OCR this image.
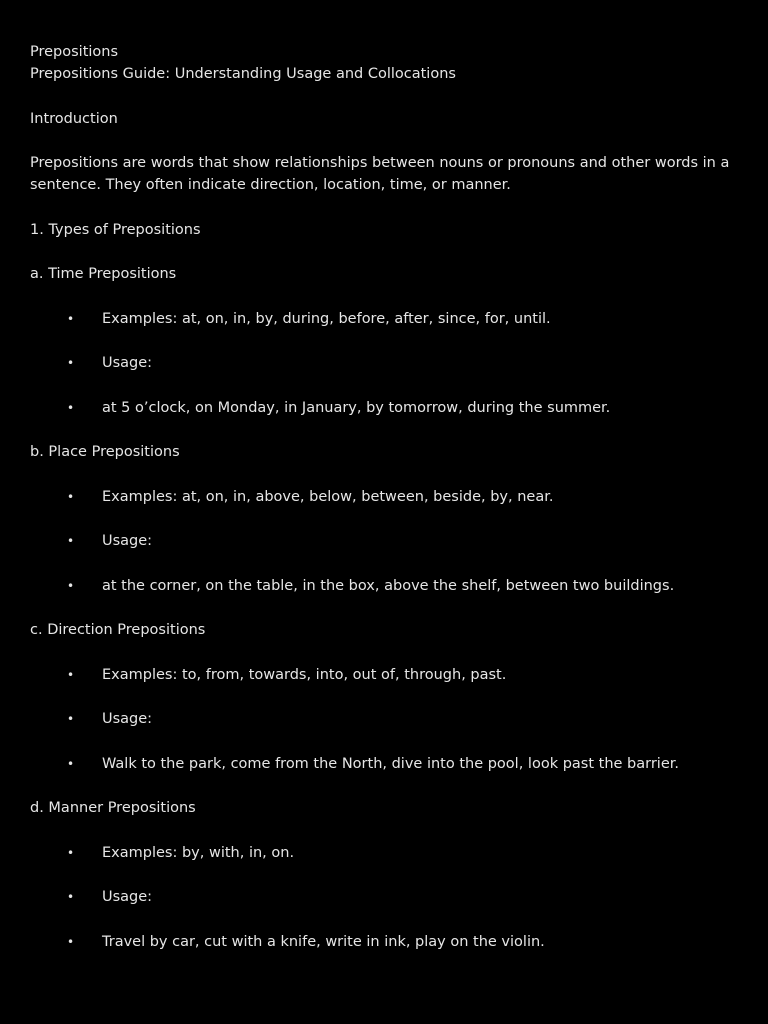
Prepositions

Prepositions Guide: Understanding Usage and Collocations

Introduction

Prepositions are words that show relationships between nouns or pronouns and other words in a sentence. They often indicate direction, location, time, or manner.

1. Types of Prepositions

a. Time Prepositions

• Examples: at, on, in, by, during, before, after, since, for, until.
• Usage:
• at 5 o’clock, on Monday, in January, by tomorrow, during the summer.

b. Place Prepositions

• Examples: at, on, in, above, below, between, beside, by, near.
• Usage:
• at the corner, on the table, in the box, above the shelf, between two buildings.

c. Direction Prepositions

• Examples: to, from, towards, into, out of, through, past.
• Usage:
• Walk to the park, come from the North, dive into the pool, look past the barrier.

d. Manner Prepositions

• Examples: by, with, in, on.
• Usage:
• Travel by car, cut with a knife, write in ink, play on the violin.
